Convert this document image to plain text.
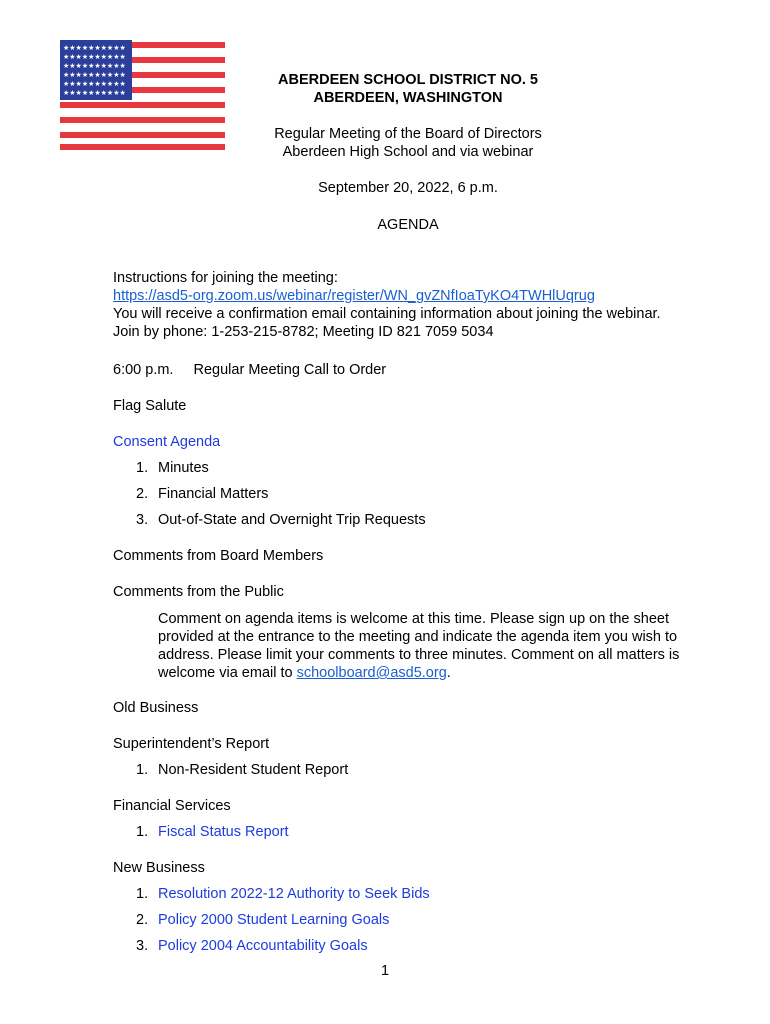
★★★★★★★★★★
★★★★★★★★★★
★★★★★★★★★★
★★★★★★★★★★
★★★★★★★★★★
★★★★★★★★★★
ABERDEEN SCHOOL DISTRICT NO. 5
ABERDEEN, WASHINGTON
Regular Meeting of the Board of Directors
Aberdeen High School and via webinar
September 20, 2022, 6 p.m.
AGENDA
Instructions for joining the meeting:
https://asd5-org.zoom.us/webinar/register/WN_gvZNfIoaTyKO4TWHlUqrug
You will receive a confirmation email containing information about joining the webinar.
Join by phone: 1-253-215-8782; Meeting ID 821 7059 5034
6:00 p.m. Regular Meeting Call to Order
Flag Salute
Consent Agenda
1. Minutes
2. Financial Matters
3. Out-of-State and Overnight Trip Requests
Comments from Board Members
Comments from the Public
Comment on agenda items is welcome at this time. Please sign up on the sheet
provided at the entrance to the meeting and indicate the agenda item you wish to
address. Please limit your comments to three minutes. Comment on all matters is
welcome via email to schoolboard@asd5.org.
Old Business
Superintendent’s Report
1. Non-Resident Student Report
Financial Services
1. Fiscal Status Report
New Business
1. Resolution 2022-12 Authority to Seek Bids
2. Policy 2000 Student Learning Goals
3. Policy 2004 Accountability Goals
1
